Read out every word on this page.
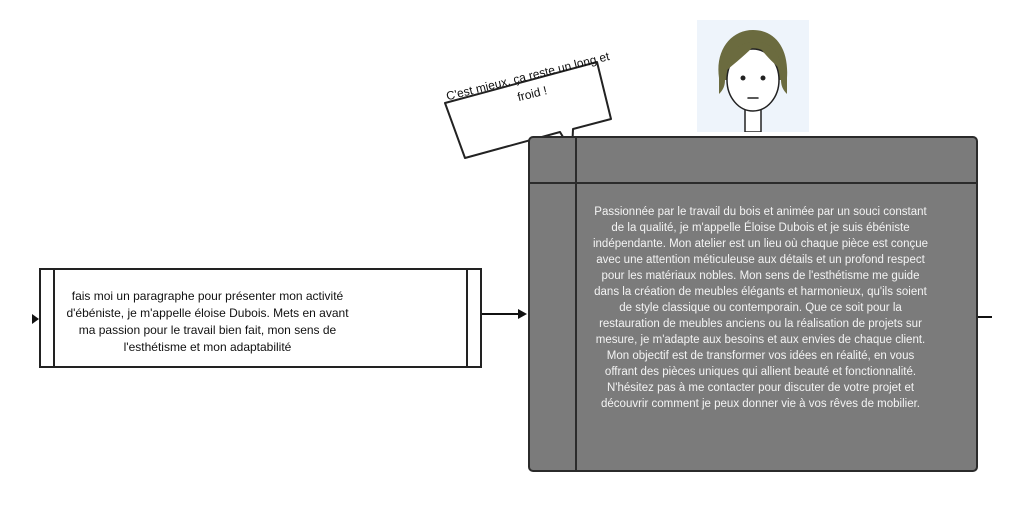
C'est mieux, ça reste un long et froid !
fais moi un paragraphe pour présenter mon activité d'ébéniste, je m'appelle éloise Dubois. Mets en avant ma passion pour le travail bien fait, mon sens de l'esthétisme et mon adaptabilité
Passionnée par le travail du bois et animée par un souci constant de la qualité, je m'appelle Éloise Dubois et je suis ébéniste indépendante. Mon atelier est un lieu où chaque pièce est conçue avec une attention méticuleuse aux détails et un profond respect pour les matériaux nobles. Mon sens de l'esthétisme me guide dans la création de meubles élégants et harmonieux, qu'ils soient de style classique ou contemporain. Que ce soit pour la restauration de meubles anciens ou la réalisation de projets sur mesure, je m'adapte aux besoins et aux envies de chaque client. Mon objectif est de transformer vos idées en réalité, en vous offrant des pièces uniques qui allient beauté et fonctionnalité. N'hésitez pas à me contacter pour discuter de votre projet et découvrir comment je peux donner vie à vos rêves de mobilier.
